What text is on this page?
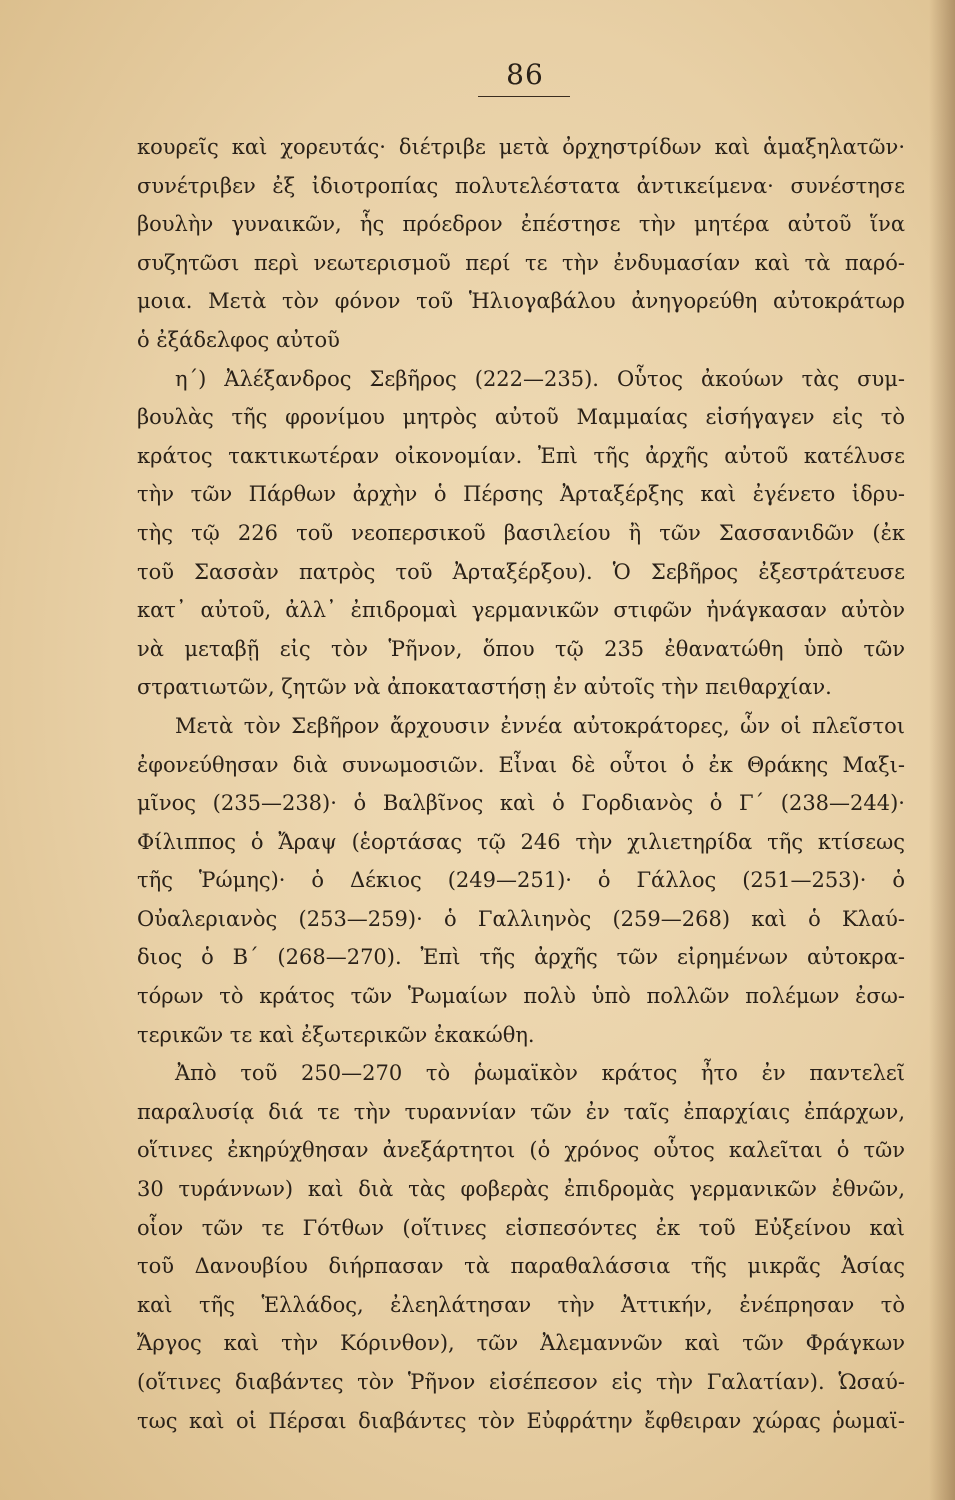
86
κουρεῖς καὶ χορευτάς· διέτριβε μετὰ ὀρχηστρίδων καὶ ἁμαξηλατῶν·
συνέτριβεν ἐξ ἰδιοτροπίας πολυτελέστατα ἀντικείμενα· συνέστησε
βουλὴν γυναικῶν, ἧς πρόεδρον ἐπέστησε τὴν μητέρα αὐτοῦ ἵνα
συζητῶσι περὶ νεωτερισμοῦ περί τε τὴν ἐνδυμασίαν καὶ τὰ παρό-
μοια. Μετὰ τὸν φόνον τοῦ Ἡλιογαβάλου ἀνηγορεύθη αὐτοκράτωρ
ὁ ἐξάδελφος αὐτοῦ
η΄) Ἀλέξανδρος Σεβῆρος (222—235). Οὗτος ἀκούων τὰς συμ-
βουλὰς τῆς φρονίμου μητρὸς αὐτοῦ Μαμμαίας εἰσήγαγεν εἰς τὸ
κράτος τακτικωτέραν οἰκονομίαν. Ἐπὶ τῆς ἀρχῆς αὐτοῦ κατέλυσε
τὴν τῶν Πάρθων ἀρχὴν ὁ Πέρσης Ἀρταξέρξης καὶ ἐγένετο ἱδρυ-
τὴς τῷ 226 τοῦ νεοπερσικοῦ βασιλείου ἢ τῶν Σασσανιδῶν (ἐκ
τοῦ Σασσὰν πατρὸς τοῦ Ἀρταξέρξου). Ὁ Σεβῆρος ἐξεστράτευσε
κατ᾽ αὐτοῦ, ἀλλ᾽ ἐπιδρομαὶ γερμανικῶν στιφῶν ἠνάγκασαν αὐτὸν
νὰ μεταβῇ εἰς τὸν Ῥῆνον, ὅπου τῷ 235 ἐθανατώθη ὑπὸ τῶν
στρατιωτῶν, ζητῶν νὰ ἀποκαταστήσῃ ἐν αὐτοῖς τὴν πειθαρχίαν.
Μετὰ τὸν Σεβῆρον ἄρχουσιν ἐννέα αὐτοκράτορες, ὧν οἱ πλεῖστοι
ἐφονεύθησαν διὰ συνωμοσιῶν. Εἶναι δὲ οὗτοι ὁ ἐκ Θράκης Μαξι-
μῖνος (235—238)· ὁ Βαλβῖνος καὶ ὁ Γορδιανὸς ὁ Γ΄ (238—244)·
Φίλιππος ὁ Ἄραψ (ἑορτάσας τῷ 246 τὴν χιλιετηρίδα τῆς κτίσεως
τῆς Ῥώμης)· ὁ Δέκιος (249—251)· ὁ Γάλλος (251—253)· ὁ
Οὐαλεριανὸς (253—259)· ὁ Γαλλιηνὸς (259—268) καὶ ὁ Κλαύ-
διος ὁ Β΄ (268—270). Ἐπὶ τῆς ἀρχῆς τῶν εἰρημένων αὐτοκρα-
τόρων τὸ κράτος τῶν Ῥωμαίων πολὺ ὑπὸ πολλῶν πολέμων ἐσω-
τερικῶν τε καὶ ἐξωτερικῶν ἐκακώθη.
Ἀπὸ τοῦ 250—270 τὸ ῥωμαϊκὸν κράτος ἦτο ἐν παντελεῖ
παραλυσίᾳ διά τε τὴν τυραννίαν τῶν ἐν ταῖς ἐπαρχίαις ἐπάρχων,
οἵτινες ἐκηρύχθησαν ἀνεξάρτητοι (ὁ χρόνος οὗτος καλεῖται ὁ τῶν
30 τυράννων) καὶ διὰ τὰς φοβερὰς ἐπιδρομὰς γερμανικῶν ἐθνῶν,
οἷον τῶν τε Γότθων (οἵτινες εἰσπεσόντες ἐκ τοῦ Εὐξείνου καὶ
τοῦ Δανουβίου διήρπασαν τὰ παραθαλάσσια τῆς μικρᾶς Ἀσίας
καὶ τῆς Ἑλλάδος, ἐλεηλάτησαν τὴν Ἀττικήν, ἐνέπρησαν τὸ
Ἄργος καὶ τὴν Κόρινθον), τῶν Ἀλεμαννῶν καὶ τῶν Φράγκων
(οἵτινες διαβάντες τὸν Ῥῆνον εἰσέπεσον εἰς τὴν Γαλατίαν). Ὡσαύ-
τως καὶ οἱ Πέρσαι διαβάντες τὸν Εὐφράτην ἔφθειραν χώρας ῥωμαϊ-
